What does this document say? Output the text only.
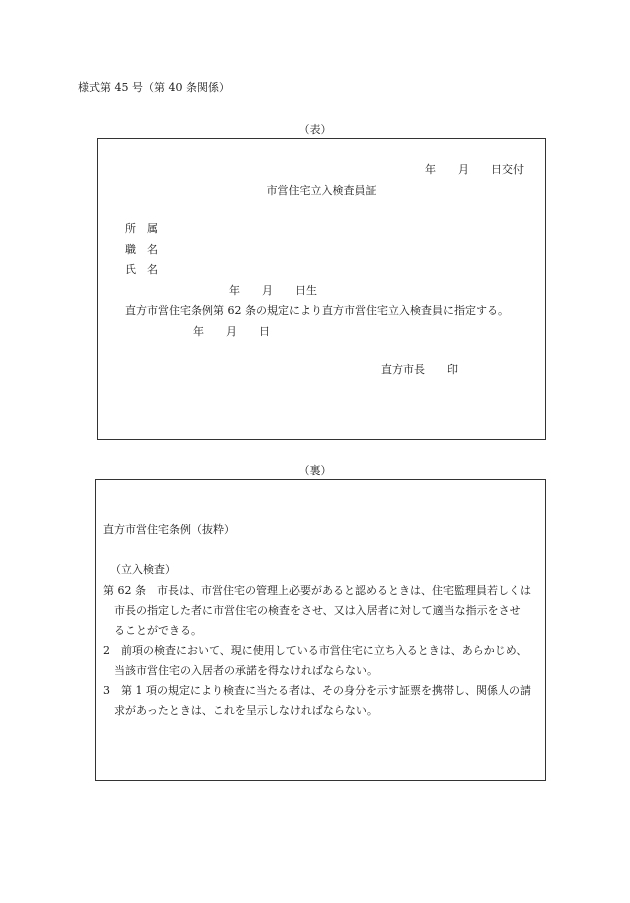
様式第 45 号（第 40 条関係）
（表）
年　　月　　日交付
市営住宅立入検査員証
所　属
職　名
氏　名
年　　月　　日生
直方市営住宅条例第 62 条の規定により直方市営住宅立入検査員に指定する。
年　　月　　日
直方市長　　印
（裏）
直方市営住宅条例（抜粋）
（立入検査）
第 62 条　市長は、市営住宅の管理上必要があると認めるときは、住宅監理員若しくは
市長の指定した者に市営住宅の検査をさせ、又は入居者に対して適当な指示をさせ
ることができる。
2　前項の検査において、現に使用している市営住宅に立ち入るときは、あらかじめ、
当該市営住宅の入居者の承諾を得なければならない。
3　第 1 項の規定により検査に当たる者は、その身分を示す証票を携帯し、関係人の請
求があったときは、これを呈示しなければならない。
